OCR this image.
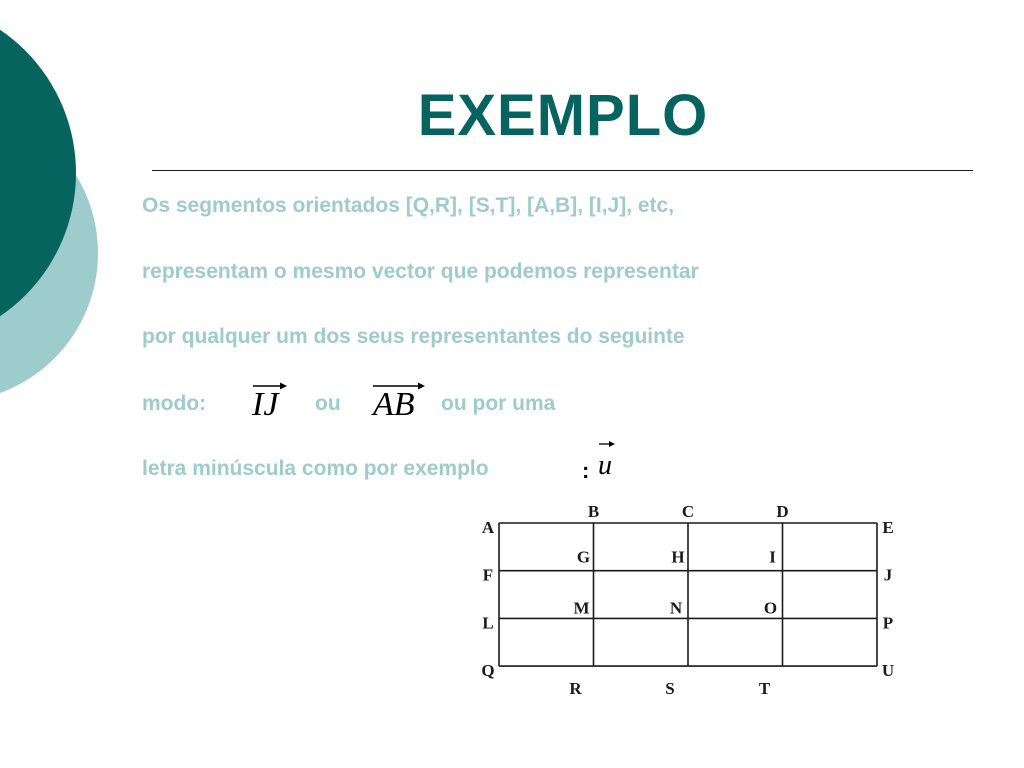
EXEMPLO
Os segmentos orientados [Q,R], [S,T], [A,B], [I,J], etc,
representam o mesmo vector que podemos representar
por qualquer um dos seus representantes do seguinte
modo: IJ ou AB ou por uma
letra minúscula como por exemplo	: u
B	C	D
R	S	T
A
F
L
Q
E
J
P
U
G	H	I
M	N	O
